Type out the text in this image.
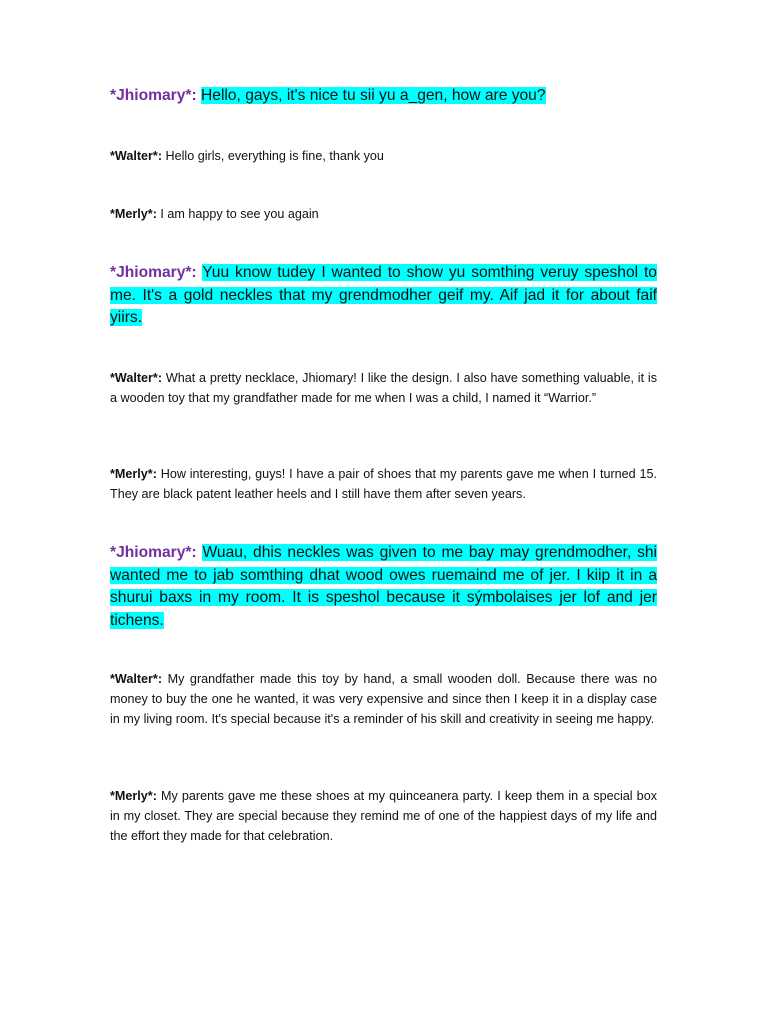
*Jhiomary*: Hello, gays, it's nice tu sii yu a_gen, how are you?

*Walter*: Hello girls, everything is fine, thank you

*Merly*: I am happy to see you again

*Jhiomary*: Yuu know tudey I wanted to show yu somthing veruy speshol to me. It's a gold neckles that my grendmodher geif my. Aif jad it for about faif yiirs.

*Walter*: What a pretty necklace, Jhiomary! I like the design. I also have something valuable, it is a wooden toy that my grandfather made for me when I was a child, I named it “Warrior.”

*Merly*: How interesting, guys! I have a pair of shoes that my parents gave me when I turned 15. They are black patent leather heels and I still have them after seven years.

*Jhiomary*: Wuau, dhis neckles was given to me bay may grendmodher, shi wanted me to jab somthing dhat wood owes ruemaind me of jer. I kiip it in a shurui baxs in my room. It is speshol because it sýmbolaises jer lof and jer tichens.

*Walter*: My grandfather made this toy by hand, a small wooden doll. Because there was no money to buy the one he wanted, it was very expensive and since then I keep it in a display case in my living room. It's special because it's a reminder of his skill and creativity in seeing me happy.

*Merly*: My parents gave me these shoes at my quinceanera party. I keep them in a special box in my closet. They are special because they remind me of one of the happiest days of my life and the effort they made for that celebration.
